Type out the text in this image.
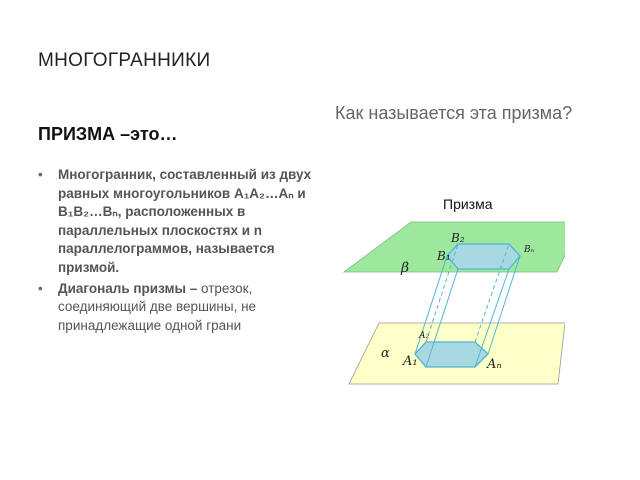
МНОГОГРАННИКИ
ПРИЗМА –это…
Как называется эта призма?
• Многогранник, составленный из двух равных многоугольников A₁A₂…Aₙ и B₁B₂…Bₙ, расположенных в параллельных плоскостях и n параллелограммов, называется призмой.
• Диагональ призмы – отрезок, соединяющий две вершины, не принадлежащие одной грани
Призма
β
α
B₂
B₁	Bₙ
A₂
A₁	Aₙ
